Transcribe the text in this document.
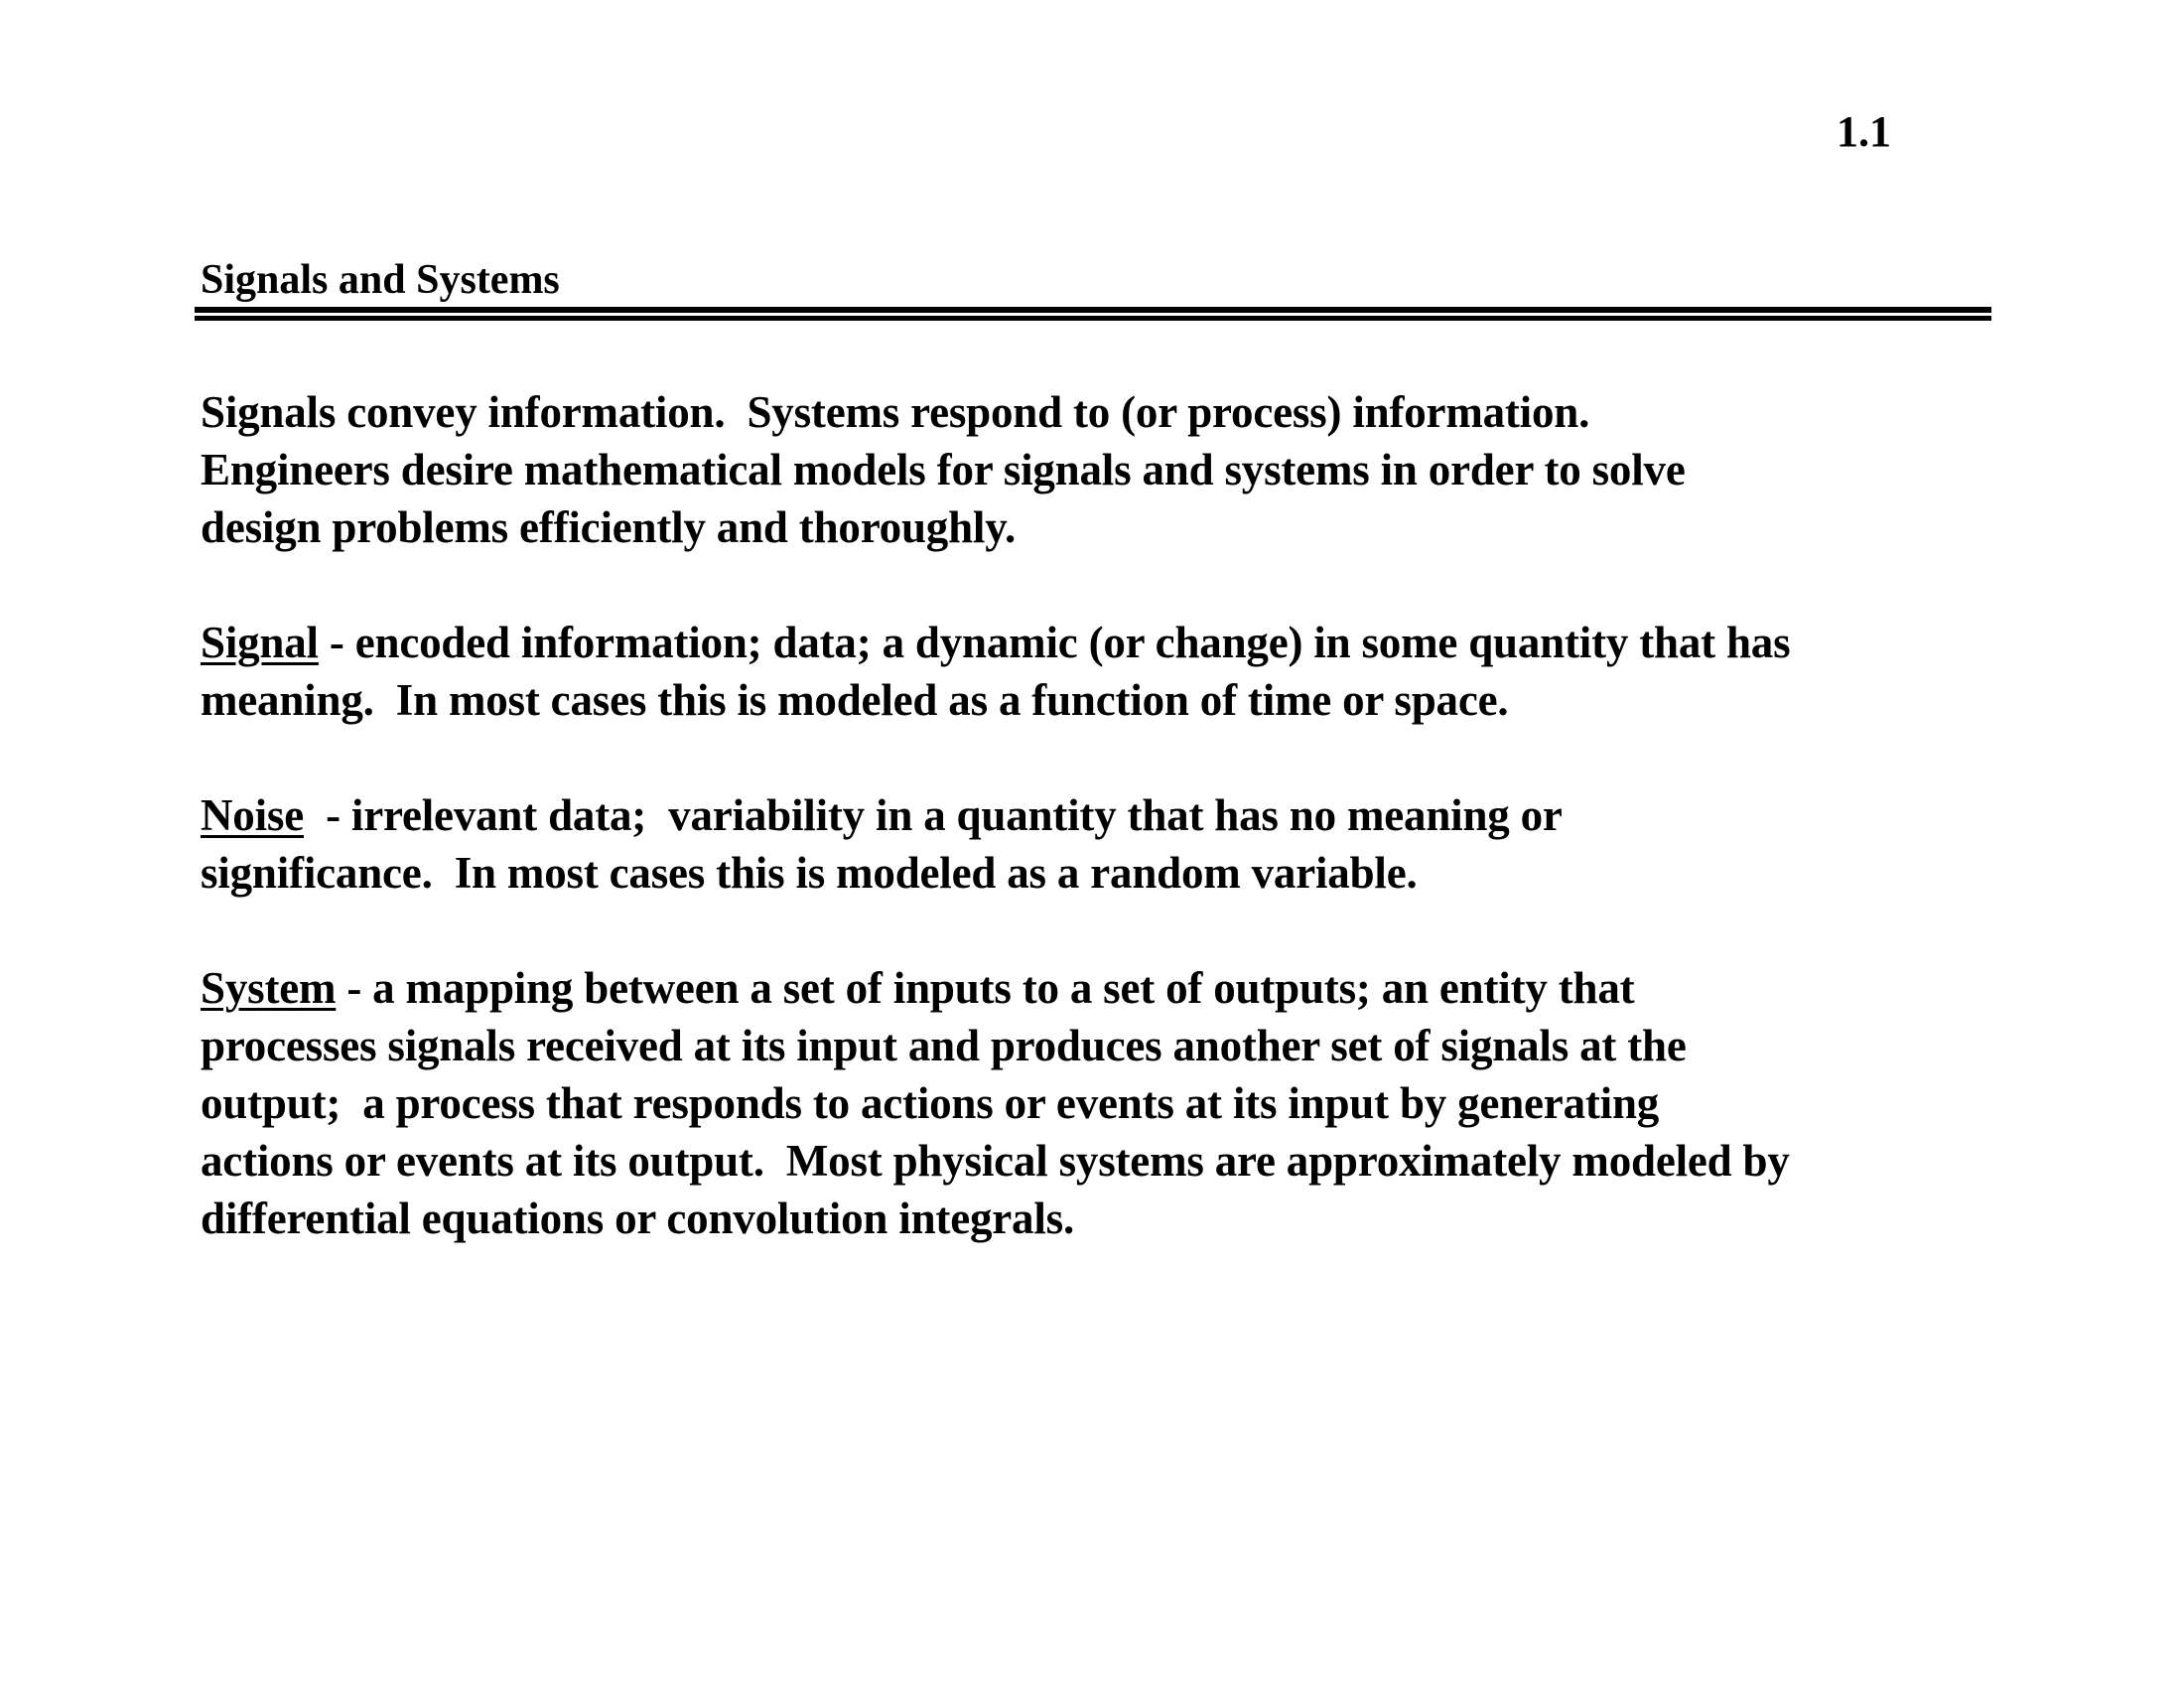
1.1
Signals and Systems
Signals convey information.  Systems respond to (or process) information.
Engineers desire mathematical models for signals and systems in order to solve
design problems efficiently and thoroughly.
Signal - encoded information; data; a dynamic (or change) in some quantity that has
meaning.  In most cases this is modeled as a function of time or space.
Noise  - irrelevant data;  variability in a quantity that has no meaning or
significance.  In most cases this is modeled as a random variable.
System - a mapping between a set of inputs to a set of outputs; an entity that
processes signals received at its input and produces another set of signals at the
output;  a process that responds to actions or events at its input by generating
actions or events at its output.  Most physical systems are approximately modeled by
differential equations or convolution integrals.
